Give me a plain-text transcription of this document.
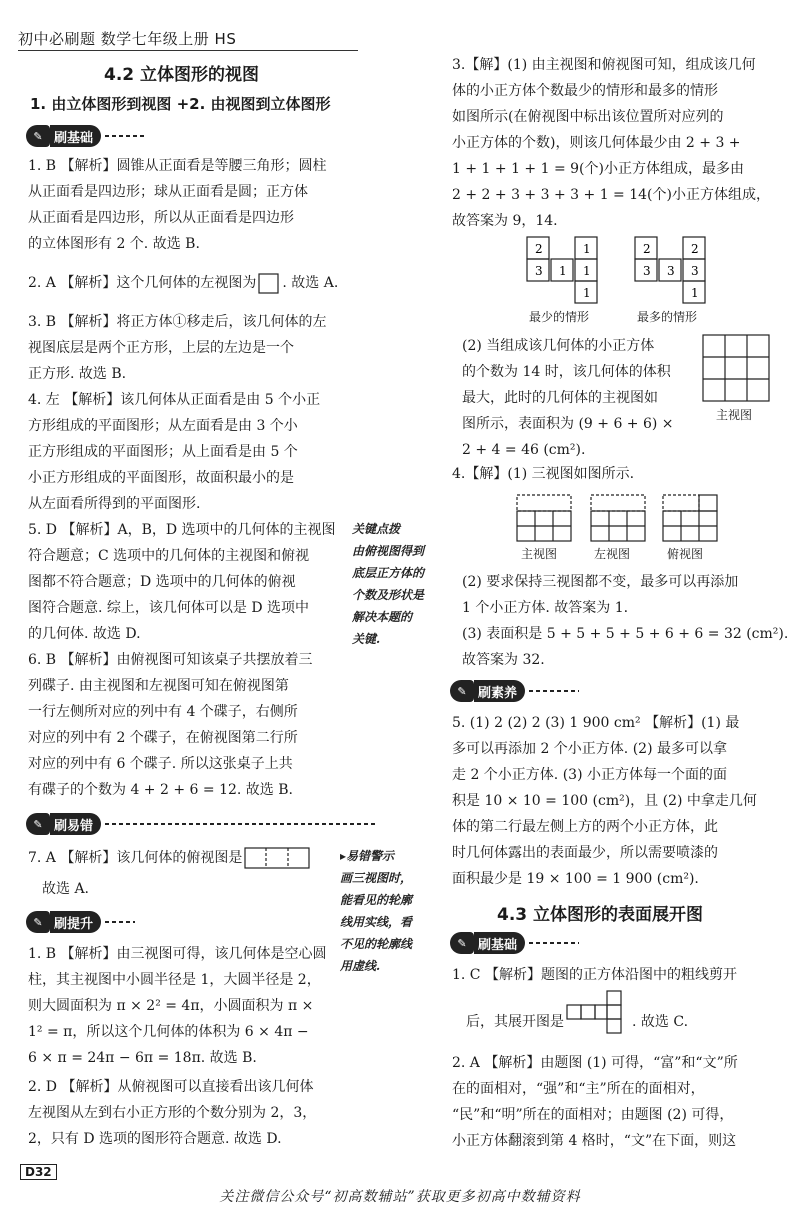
初中必刷题 数学七年级上册 HS
4.2 立体图形的视图
1. 由立体图形到视图 +2. 由视图到立体图形
✎ 刷基础
1. B 【解析】圆锥从正面看是等腰三角形；圆柱
从正面看是四边形；球从正面看是圆；正方体
从正面看是四边形，所以从正面看是四边形
的立体图形有 2 个. 故选 B.
2. A 【解析】这个几何体的左视图为 . 故选 A.
3. B 【解析】将正方体①移走后，该几何体的左
视图底层是两个正方形，上层的左边是一个
正方形. 故选 B.
4. 左 【解析】该几何体从正面看是由 5 个小正
方形组成的平面图形；从左面看是由 3 个小
正方形组成的平面图形；从上面看是由 5 个
小正方形组成的平面图形，故面积最小的是
从左面看所得到的平面图形.
5. D 【解析】A，B，D 选项中的几何体的主视图
符合题意；C 选项中的几何体的主视图和俯视
图都不符合题意；D 选项中的几何体的俯视
图符合题意. 综上，该几何体可以是 D 选项中
的几何体. 故选 D.
关键点拨
由俯视图得到
底层正方体的
个数及形状是
解决本题的
关键.
6. B 【解析】由俯视图可知该桌子共摆放着三
列碟子. 由主视图和左视图可知在俯视图第
一行左侧所对应的列中有 4 个碟子，右侧所
对应的列中有 2 个碟子，在俯视图第二行所
对应的列中有 6 个碟子. 所以这张桌子上共
有碟子的个数为 4 + 2 + 6 = 12. 故选 B.
✎ 刷易错
7. A 【解析】该几何体的俯视图是
故选 A.
▸易错警示
画三视图时，
能看见的轮廓
线用实线，看
不见的轮廓线
用虚线.
✎ 刷提升
1. B 【解析】由三视图可得，该几何体是空心圆
柱，其主视图中小圆半径是 1，大圆半径是 2，
则大圆面积为 π × 2² = 4π，小圆面积为 π ×
1² = π，所以这个几何体的体积为 6 × 4π −
6 × π = 24π − 6π = 18π. 故选 B.
2. D 【解析】从俯视图可以直接看出该几何体
左视图从左到右小正方形的个数分别为 2，3，
2，只有 D 选项的图形符合题意. 故选 D.
3.【解】(1) 由主视图和俯视图可知，组成该几何
体的小正方体个数最少的情形和最多的情形
如图所示(在俯视图中标出该位置所对应列的
小正方体的个数)，则该几何体最少由 2 + 3 +
1 + 1 + 1 + 1 = 9(个)小正方体组成，最多由
2 + 2 + 3 + 3 + 3 + 1 = 14(个)小正方体组成，
故答案为 9，14.
2	1
3 1 1
1
最少的情形
2	2
3 3 3
1
最多的情形
(2) 当组成该几何体的小正方体
的个数为 14 时，该几何体的体积
最大，此时的几何体的主视图如
图所示，表面积为 (9 + 6 + 6) ×
2 + 4 = 46 (cm²).
主视图
4.【解】(1) 三视图如图所示.
主视图	左视图	俯视图
(2) 要求保持三视图都不变，最多可以再添加
1 个小正方体. 故答案为 1.
(3) 表面积是 5 + 5 + 5 + 5 + 6 + 6 = 32 (cm²).
故答案为 32.
✎ 刷素养
5. (1) 2 (2) 2 (3) 1 900 cm² 【解析】(1) 最
多可以再添加 2 个小正方体. (2) 最多可以拿
走 2 个小正方体. (3) 小正方体每一个面的面
积是 10 × 10 = 100 (cm²)，且 (2) 中拿走几何
体的第二行最左侧上方的两个小正方体，此
时几何体露出的表面最少，所以需要喷漆的
面积最少是 19 × 100 = 1 900 (cm²).
4.3 立体图形的表面展开图
✎ 刷基础
1. C 【解析】题图的正方体沿图中的粗线剪开
后，其展开图是	. 故选 C.
2. A 【解析】由题图 (1) 可得，“富”和“文”所
在的面相对，“强”和“主”所在的面相对，
“民”和“明”所在的面相对；由题图 (2) 可得，
小正方体翻滚到第 4 格时，“文”在下面，则这
D32
关注微信公众号“初高数辅站”获取更多初高中数辅资料
